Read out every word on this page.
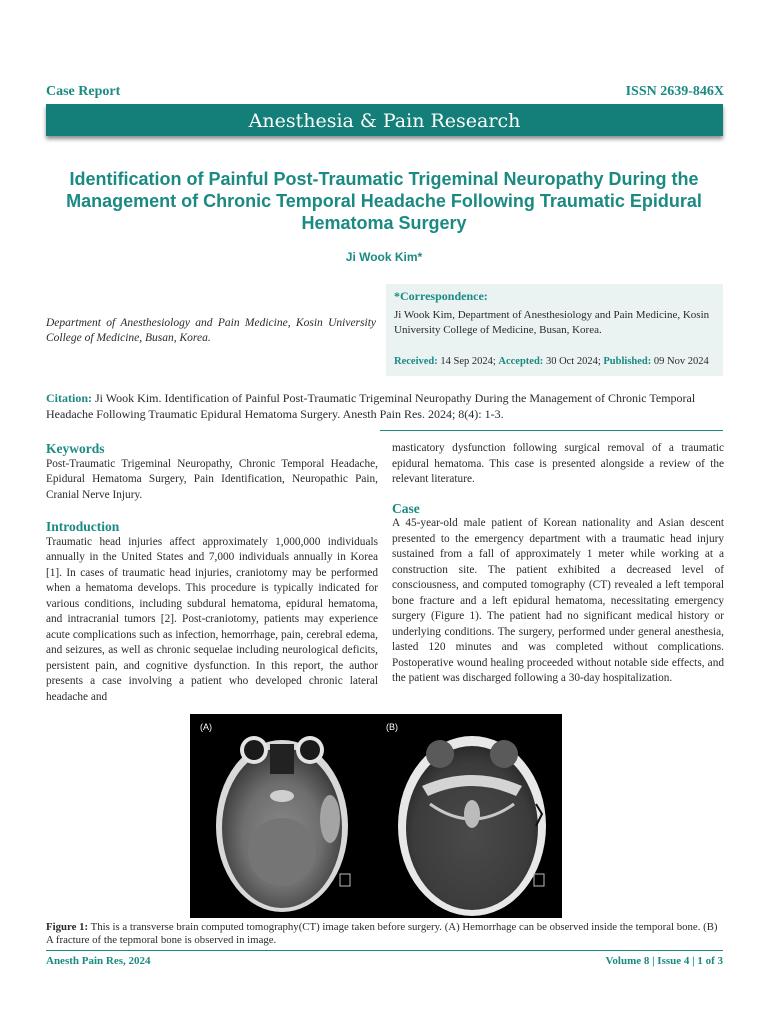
Case Report	ISSN 2639-846X
Anesthesia & Pain Research
Identification of Painful Post-Traumatic Trigeminal Neuropathy During the Management of Chronic Temporal Headache Following Traumatic Epidural Hematoma Surgery
Ji Wook Kim*
Department of Anesthesiology and Pain Medicine, Kosin University College of Medicine, Busan, Korea.
*Correspondence:
Ji Wook Kim, Department of Anesthesiology and Pain Medicine, Kosin University College of Medicine, Busan, Korea.
Received: 14 Sep 2024; Accepted: 30 Oct 2024; Published: 09 Nov 2024
Citation: Ji Wook Kim. Identification of Painful Post-Traumatic Trigeminal Neuropathy During the Management of Chronic Temporal Headache Following Traumatic Epidural Hematoma Surgery. Anesth Pain Res. 2024; 8(4): 1-3.
Keywords
Post-Traumatic Trigeminal Neuropathy, Chronic Temporal Headache, Epidural Hematoma Surgery, Pain Identification, Neuropathic Pain, Cranial Nerve Injury.
Introduction
Traumatic head injuries affect approximately 1,000,000 individuals annually in the United States and 7,000 individuals annually in Korea [1]. In cases of traumatic head injuries, craniotomy may be performed when a hematoma develops. This procedure is typically indicated for various conditions, including subdural hematoma, epidural hematoma, and intracranial tumors [2]. Post-craniotomy, patients may experience acute complications such as infection, hemorrhage, pain, cerebral edema, and seizures, as well as chronic sequelae including neurological deficits, persistent pain, and cognitive dysfunction. In this report, the author presents a case involving a patient who developed chronic lateral headache and
masticatory dysfunction following surgical removal of a traumatic epidural hematoma. This case is presented alongside a review of the relevant literature.
Case
A 45-year-old male patient of Korean nationality and Asian descent presented to the emergency department with a traumatic head injury sustained from a fall of approximately 1 meter while working at a construction site. The patient exhibited a decreased level of consciousness, and computed tomography (CT) revealed a left temporal bone fracture and a left epidural hematoma, necessitating emergency surgery (Figure 1). The patient had no significant medical history or underlying conditions. The surgery, performed under general anesthesia, lasted 120 minutes and was completed without complications. Postoperative wound healing proceeded without notable side effects, and the patient was discharged following a 30-day hospitalization.
(A)	(B)
Figure 1: This is a transverse brain computed tomography(CT) image taken before surgery. (A) Hemorrhage can be observed inside the temporal bone. (B) A fracture of the tepmoral bone is observed in image.
Anesth Pain Res, 2024	Volume 8 | Issue 4 | 1 of 3
